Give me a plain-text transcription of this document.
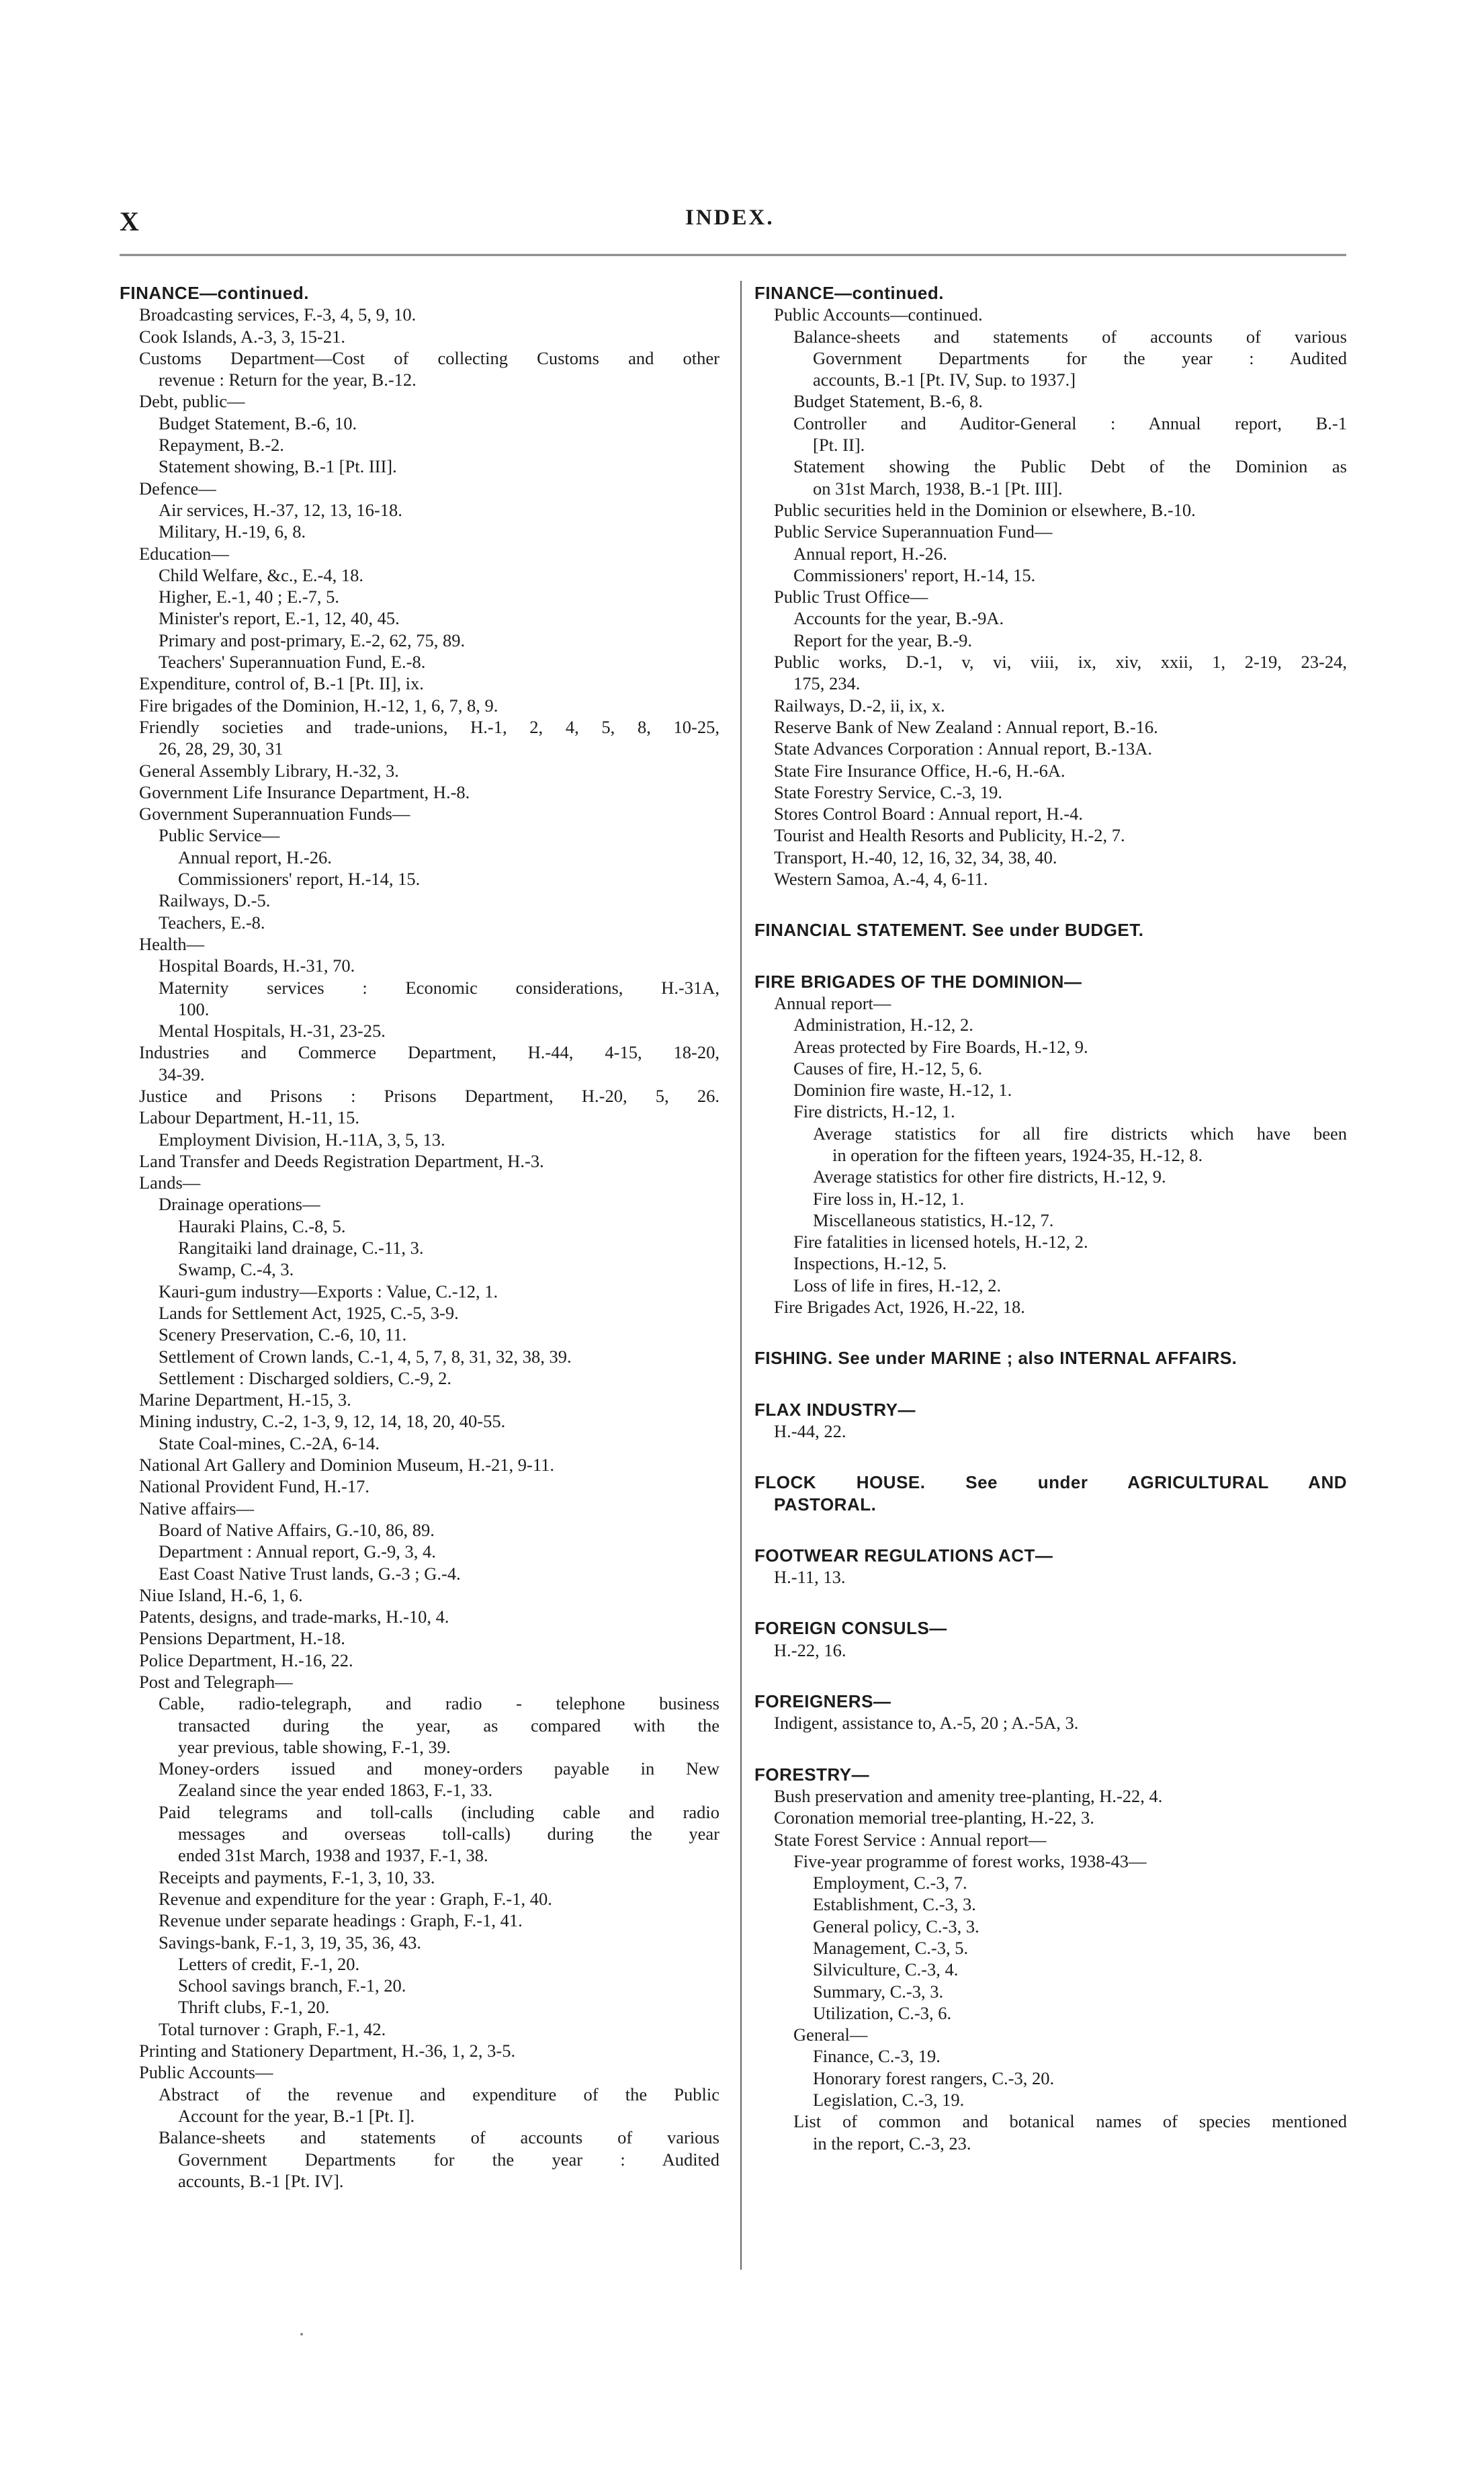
X	INDEX.
FINANCE—continued.
Broadcasting services, F.-3, 4, 5, 9, 10.
Cook Islands, A.-3, 3, 15-21.
Customs Department—Cost of collecting Customs and other
revenue : Return for the year, B.-12.
Debt, public—
Budget Statement, B.-6, 10.
Repayment, B.-2.
Statement showing, B.-1 [Pt. III].
Defence—
Air services, H.-37, 12, 13, 16-18.
Military, H.-19, 6, 8.
Education—
Child Welfare, &c., E.-4, 18.
Higher, E.-1, 40 ; E.-7, 5.
Minister's report, E.-1, 12, 40, 45.
Primary and post-primary, E.-2, 62, 75, 89.
Teachers' Superannuation Fund, E.-8.
Expenditure, control of, B.-1 [Pt. II], ix.
Fire brigades of the Dominion, H.-12, 1, 6, 7, 8, 9.
Friendly societies and trade-unions, H.-1, 2, 4, 5, 8, 10-25,
26, 28, 29, 30, 31
General Assembly Library, H.-32, 3.
Government Life Insurance Department, H.-8.
Government Superannuation Funds—
Public Service—
Annual report, H.-26.
Commissioners' report, H.-14, 15.
Railways, D.-5.
Teachers, E.-8.
Health—
Hospital Boards, H.-31, 70.
Maternity services : Economic considerations, H.-31A,
100.
Mental Hospitals, H.-31, 23-25.
Industries and Commerce Department, H.-44, 4-15, 18-20,
34-39.
Justice and Prisons : Prisons Department, H.-20, 5, 26.
Labour Department, H.-11, 15.
Employment Division, H.-11A, 3, 5, 13.
Land Transfer and Deeds Registration Department, H.-3.
Lands—
Drainage operations—
Hauraki Plains, C.-8, 5.
Rangitaiki land drainage, C.-11, 3.
Swamp, C.-4, 3.
Kauri-gum industry—Exports : Value, C.-12, 1.
Lands for Settlement Act, 1925, C.-5, 3-9.
Scenery Preservation, C.-6, 10, 11.
Settlement of Crown lands, C.-1, 4, 5, 7, 8, 31, 32, 38, 39.
Settlement : Discharged soldiers, C.-9, 2.
Marine Department, H.-15, 3.
Mining industry, C.-2, 1-3, 9, 12, 14, 18, 20, 40-55.
State Coal-mines, C.-2A, 6-14.
National Art Gallery and Dominion Museum, H.-21, 9-11.
National Provident Fund, H.-17.
Native affairs—
Board of Native Affairs, G.-10, 86, 89.
Department : Annual report, G.-9, 3, 4.
East Coast Native Trust lands, G.-3 ; G.-4.
Niue Island, H.-6, 1, 6.
Patents, designs, and trade-marks, H.-10, 4.
Pensions Department, H.-18.
Police Department, H.-16, 22.
Post and Telegraph—
Cable, radio-telegraph, and radio - telephone business
transacted during the year, as compared with the
year previous, table showing, F.-1, 39.
Money-orders issued and money-orders payable in New
Zealand since the year ended 1863, F.-1, 33.
Paid telegrams and toll-calls (including cable and radio
messages and overseas toll-calls) during the year
ended 31st March, 1938 and 1937, F.-1, 38.
Receipts and payments, F.-1, 3, 10, 33.
Revenue and expenditure for the year : Graph, F.-1, 40.
Revenue under separate headings : Graph, F.-1, 41.
Savings-bank, F.-1, 3, 19, 35, 36, 43.
Letters of credit, F.-1, 20.
School savings branch, F.-1, 20.
Thrift clubs, F.-1, 20.
Total turnover : Graph, F.-1, 42.
Printing and Stationery Department, H.-36, 1, 2, 3-5.
Public Accounts—
Abstract of the revenue and expenditure of the Public
Account for the year, B.-1 [Pt. I].
Balance-sheets and statements of accounts of various
Government Departments for the year : Audited
accounts, B.-1 [Pt. IV].
FINANCE—continued.
Public Accounts—continued.
Balance-sheets and statements of accounts of various
Government Departments for the year : Audited
accounts, B.-1 [Pt. IV, Sup. to 1937.]
Budget Statement, B.-6, 8.
Controller and Auditor-General : Annual report, B.-1
[Pt. II].
Statement showing the Public Debt of the Dominion as
on 31st March, 1938, B.-1 [Pt. III].
Public securities held in the Dominion or elsewhere, B.-10.
Public Service Superannuation Fund—
Annual report, H.-26.
Commissioners' report, H.-14, 15.
Public Trust Office—
Accounts for the year, B.-9A.
Report for the year, B.-9.
Public works, D.-1, v, vi, viii, ix, xiv, xxii, 1, 2-19, 23-24,
175, 234.
Railways, D.-2, ii, ix, x.
Reserve Bank of New Zealand : Annual report, B.-16.
State Advances Corporation : Annual report, B.-13A.
State Fire Insurance Office, H.-6, H.-6A.
State Forestry Service, C.-3, 19.
Stores Control Board : Annual report, H.-4.
Tourist and Health Resorts and Publicity, H.-2, 7.
Transport, H.-40, 12, 16, 32, 34, 38, 40.
Western Samoa, A.-4, 4, 6-11.
FINANCIAL STATEMENT. See under BUDGET.
FIRE BRIGADES OF THE DOMINION—
Annual report—
Administration, H.-12, 2.
Areas protected by Fire Boards, H.-12, 9.
Causes of fire, H.-12, 5, 6.
Dominion fire waste, H.-12, 1.
Fire districts, H.-12, 1.
Average statistics for all fire districts which have been
in operation for the fifteen years, 1924-35, H.-12, 8.
Average statistics for other fire districts, H.-12, 9.
Fire loss in, H.-12, 1.
Miscellaneous statistics, H.-12, 7.
Fire fatalities in licensed hotels, H.-12, 2.
Inspections, H.-12, 5.
Loss of life in fires, H.-12, 2.
Fire Brigades Act, 1926, H.-22, 18.
FISHING. See under MARINE ; also INTERNAL AFFAIRS.
FLAX INDUSTRY—
H.-44, 22.
FLOCK HOUSE. See under AGRICULTURAL AND
PASTORAL.
FOOTWEAR REGULATIONS ACT—
H.-11, 13.
FOREIGN CONSULS—
H.-22, 16.
FOREIGNERS—
Indigent, assistance to, A.-5, 20 ; A.-5A, 3.
FORESTRY—
Bush preservation and amenity tree-planting, H.-22, 4.
Coronation memorial tree-planting, H.-22, 3.
State Forest Service : Annual report—
Five-year programme of forest works, 1938-43—
Employment, C.-3, 7.
Establishment, C.-3, 3.
General policy, C.-3, 3.
Management, C.-3, 5.
Silviculture, C.-3, 4.
Summary, C.-3, 3.
Utilization, C.-3, 6.
General—
Finance, C.-3, 19.
Honorary forest rangers, C.-3, 20.
Legislation, C.-3, 19.
List of common and botanical names of species mentioned
in the report, C.-3, 23.
